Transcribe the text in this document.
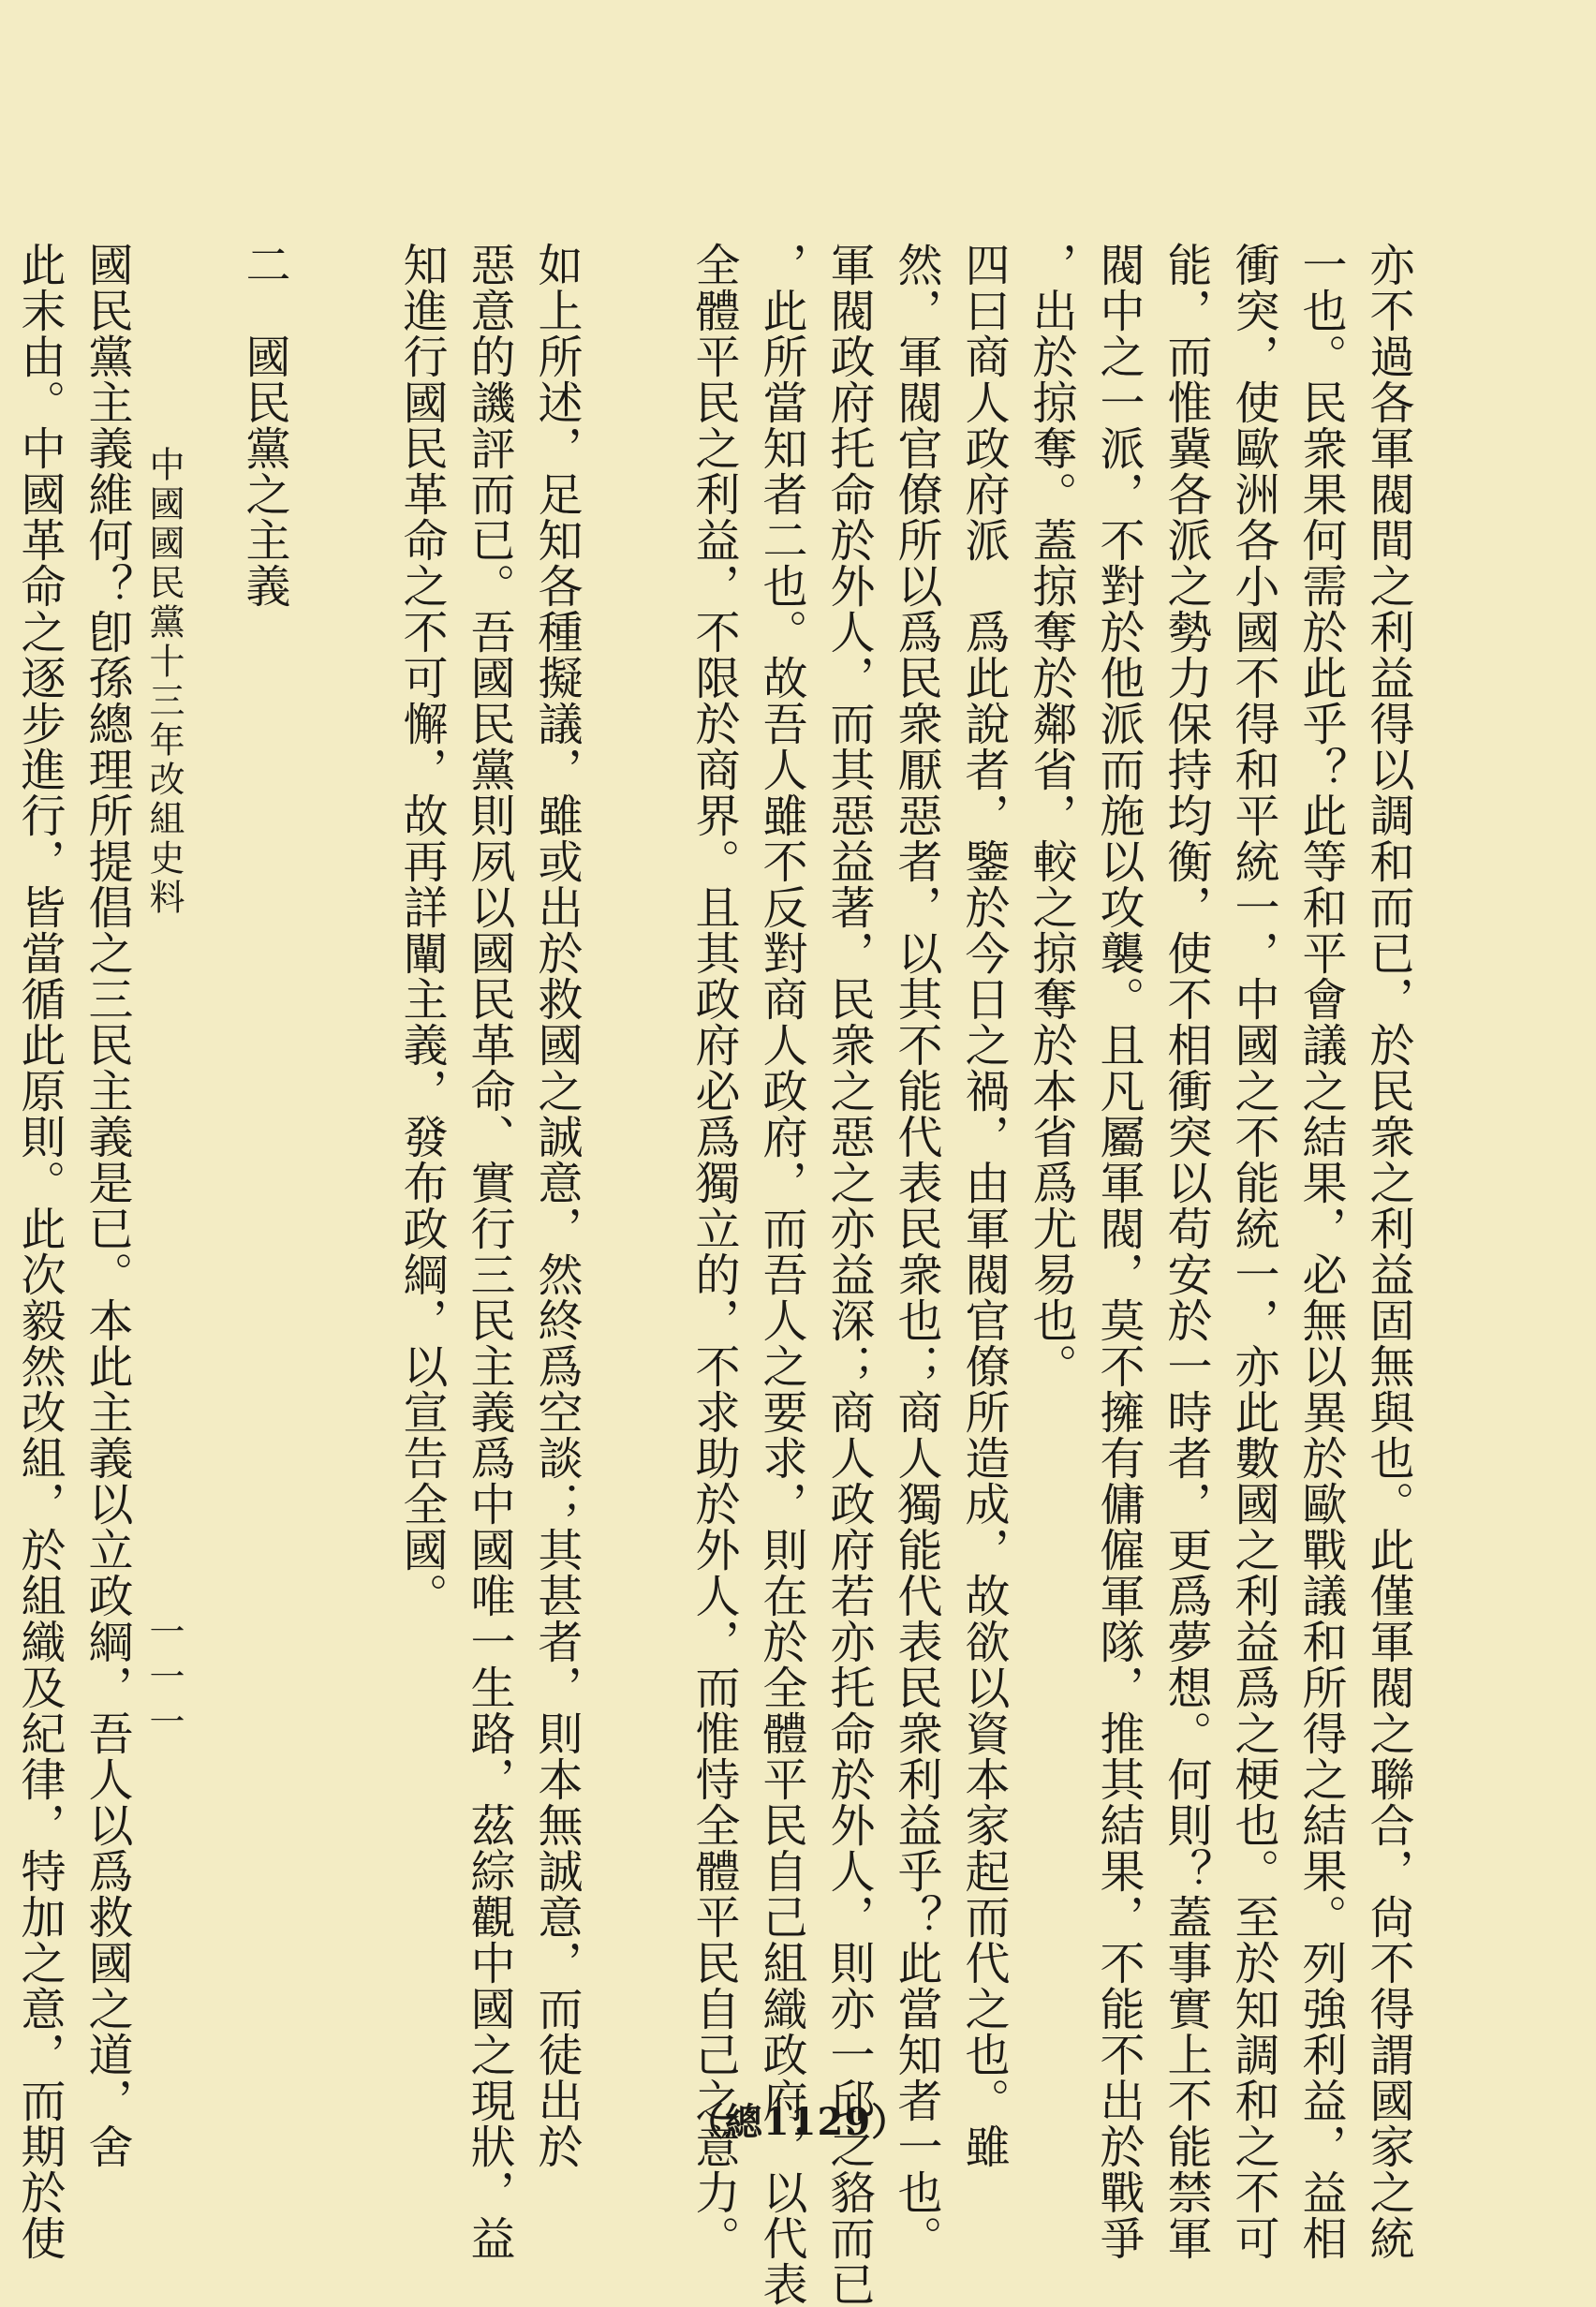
亦不過各軍閥間之利益得以調和而已，於民衆之利益固無與也。此僅軍閥之聯合，尙不得謂國家之統
一也。民衆果何需於此乎？此等和平會議之結果，必無以異於歐戰議和所得之結果。列強利益，益相
衝突，使歐洲各小國不得和平統一，中國之不能統一，亦此數國之利益爲之梗也。至於知調和之不可
能，而惟冀各派之勢力保持均衡，使不相衝突以苟安於一時者，更爲夢想。何則？蓋事實上不能禁軍
閥中之一派，不對於他派而施以攻襲。且凡屬軍閥，莫不擁有傭僱軍隊，推其結果，不能不出於戰爭
，出於掠奪。蓋掠奪於鄰省，較之掠奪於本省爲尤易也。
四曰商人政府派　爲此說者，鑒於今日之禍，由軍閥官僚所造成，故欲以資本家起而代之也。雖
然，軍閥官僚所以爲民衆厭惡者，以其不能代表民衆也；商人獨能代表民衆利益乎？此當知者一也。
軍閥政府托命於外人，而其惡益著，民衆之惡之亦益深；商人政府若亦托命於外人，則亦一邱之貉而已
，此所當知者二也。故吾人雖不反對商人政府，而吾人之要求，則在於全體平民自己組織政府，以代表
全體平民之利益，不限於商界。且其政府必爲獨立的，不求助於外人，而惟恃全體平民自己之意力。
如上所述，足知各種擬議，雖或出於救國之誠意，然終爲空談；其甚者，則本無誠意，而徒出於
惡意的譏評而已。吾國民黨則夙以國民革命、實行三民主義爲中國唯一生路，茲綜觀中國之現狀，益
知進行國民革命之不可懈，故再詳闡主義，發布政綱，以宣告全國。
二　國民黨之主義
國民黨主義維何？卽孫總理所提倡之三民主義是已。本此主義以立政綱，吾人以爲救國之道，舍
此末由。中國革命之逐步進行，皆當循此原則。此次毅然改組，於組織及紀律，特加之意，而期於使 中國國民黨十三年改組史料
一一一
（總1129）
